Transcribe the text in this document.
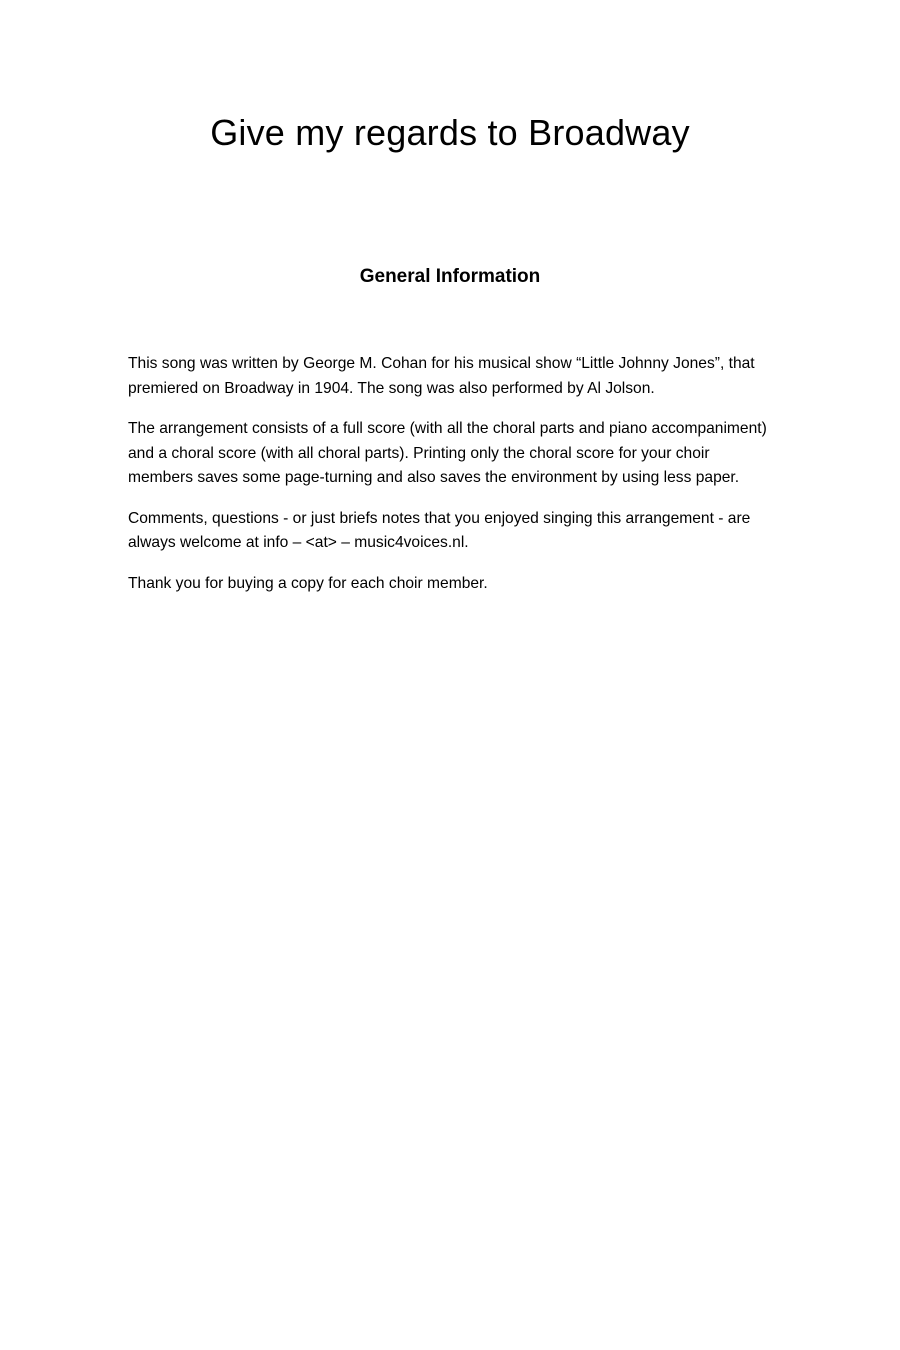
Give my regards to Broadway
General Information

This song was written by George M. Cohan for his musical show “Little Johnny Jones”, that premiered on Broadway in 1904. The song was also performed by Al Jolson.

The arrangement consists of a full score (with all the choral parts and piano accompaniment) and a choral score (with all choral parts). Printing only the choral score for your choir members saves some page-turning and also saves the environment by using less paper.

Comments, questions - or just briefs notes that you enjoyed singing this arrangement - are always welcome at info – <at> – music4voices.nl.

Thank you for buying a copy for each choir member.
